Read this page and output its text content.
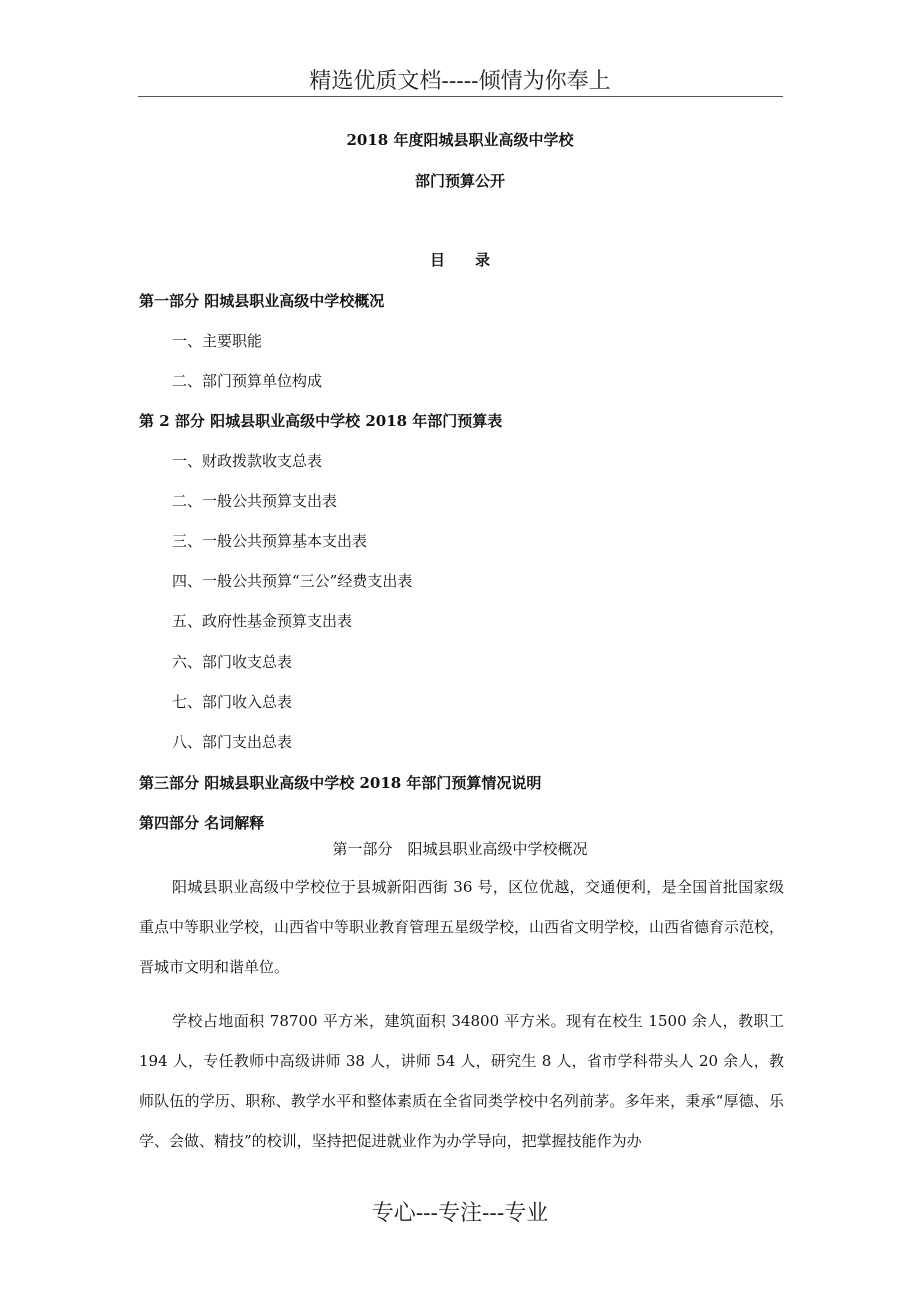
精选优质文档-----倾情为你奉上
2018 年度阳城县职业高级中学校
部门预算公开
目　　录
第一部分 阳城县职业高级中学校概况
一、主要职能
二、部门预算单位构成
第 2 部分 阳城县职业高级中学校 2018 年部门预算表
一、财政拨款收支总表
二、一般公共预算支出表
三、一般公共预算基本支出表
四、一般公共预算“三公”经费支出表
五、政府性基金预算支出表
六、部门收支总表
七、部门收入总表
八、部门支出总表
第三部分 阳城县职业高级中学校 2018 年部门预算情况说明
第四部分 名词解释
第一部分　阳城县职业高级中学校概况
阳城县职业高级中学校位于县城新阳西街 36 号，区位优越，交通便利，是全国首批国家级重点中等职业学校，山西省中等职业教育管理五星级学校，山西省文明学校，山西省德育示范校，晋城市文明和谐单位。
学校占地面积 78700 平方米，建筑面积 34800 平方米。现有在校生 1500 余人，教职工 194 人，专任教师中高级讲师 38 人，讲师 54 人，研究生 8 人，省市学科带头人 20 余人，教师队伍的学历、职称、教学水平和整体素质在全省同类学校中名列前茅。多年来，秉承“厚德、乐学、会做、精技”的校训，坚持把促进就业作为办学导向，把掌握技能作为办
专心---专注---专业
